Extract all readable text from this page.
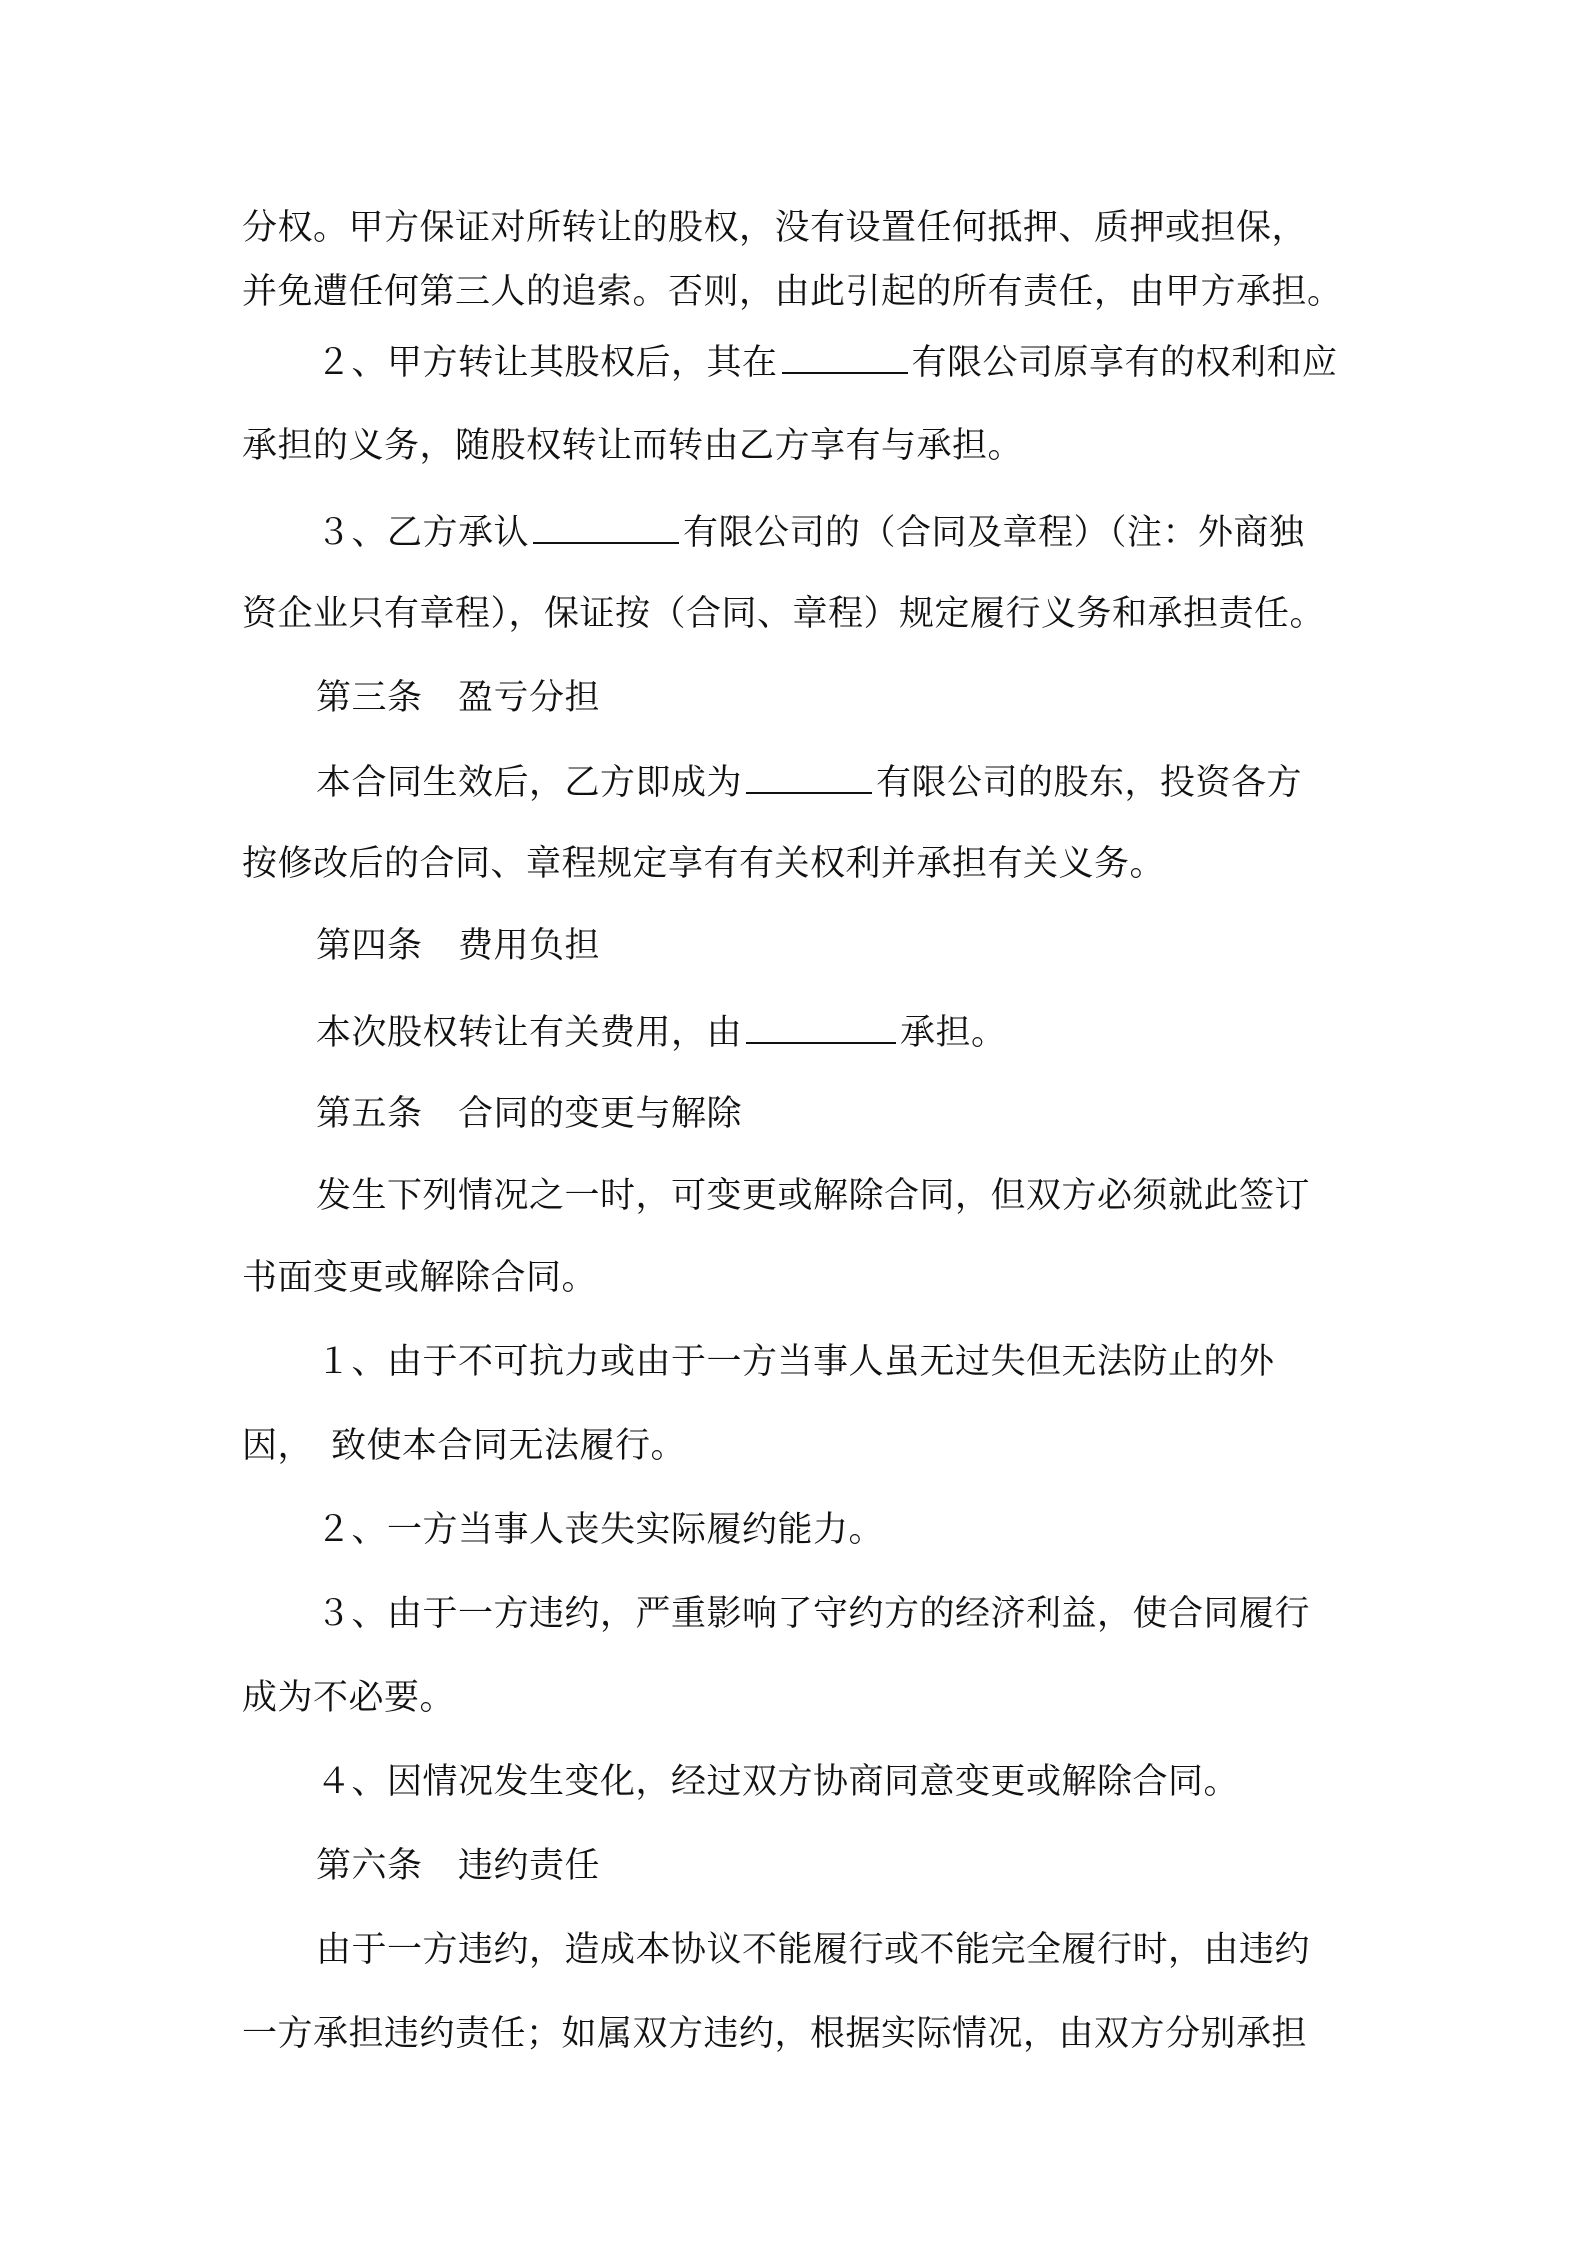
分权。甲方保证对所转让的股权，没有设置任何抵押、质押或担保，
并免遭任何第三人的追索。否则，由此引起的所有责任，由甲方承担。
２、甲方转让其股权后，其在	有限公司原享有的权利和应
承担的义务，随股权转让而转由乙方享有与承担。
３、乙方承认	有限公司的（合同及章程）（注：外商独
资企业只有章程），保证按（合同、章程）规定履行义务和承担责任。
第三条　盈亏分担
本合同生效后，乙方即成为	有限公司的股东，投资各方
按修改后的合同、章程规定享有有关权利并承担有关义务。
第四条　费用负担
本次股权转让有关费用，由	承担。
第五条　合同的变更与解除
发生下列情况之一时，可变更或解除合同，但双方必须就此签订
书面变更或解除合同。
１、由于不可抗力或由于一方当事人虽无过失但无法防止的外
因，　致使本合同无法履行。
２、一方当事人丧失实际履约能力。
３、由于一方违约，严重影响了守约方的经济利益，使合同履行
成为不必要。
４、因情况发生变化，经过双方协商同意变更或解除合同。
第六条　违约责任
由于一方违约，造成本协议不能履行或不能完全履行时，由违约
一方承担违约责任；如属双方违约，根据实际情况，由双方分别承担
